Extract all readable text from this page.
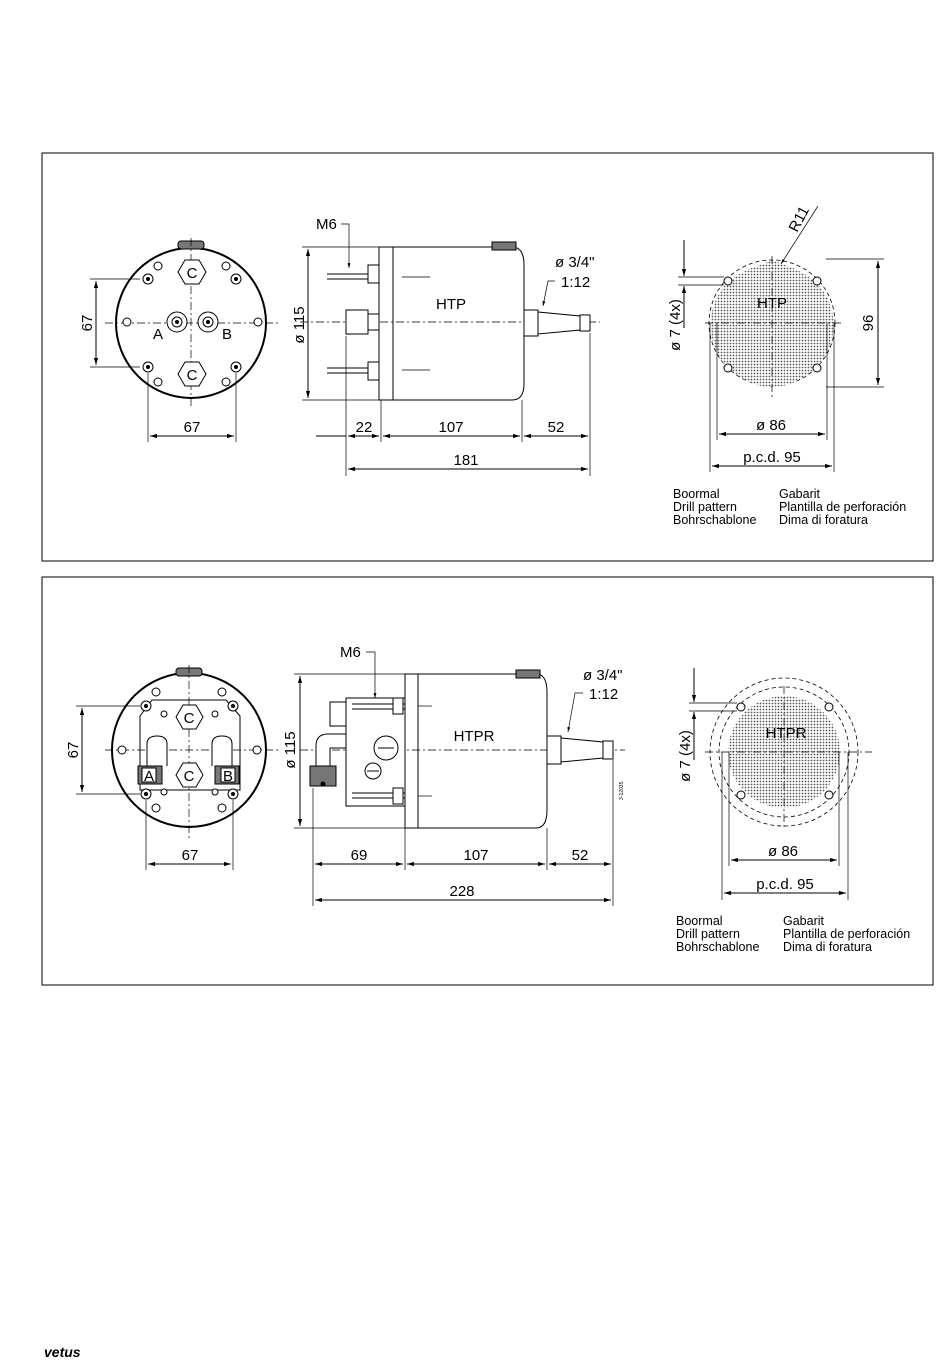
C
C
A	B
67
67
HTP
M6
ø 3/4"
1:12
ø 115
22	107	52
181
HTP
R11
ø 7 (4x)	96
ø 86
p.c.d. 95
Boormal
Drill pattern
Bohrschablone
Gabarit
Plantilla de perforación
Dima di foratura
C
C
A	B
67
67
HTPR
M6
ø 3/4"
1:12
3-12035
ø 115
69	107	52
228
HTPR
ø 7 (4x)
ø 86
p.c.d. 95
Boormal
Drill pattern
Bohrschablone
Gabarit
Plantilla de perforación
Dima di foratura
vetus
